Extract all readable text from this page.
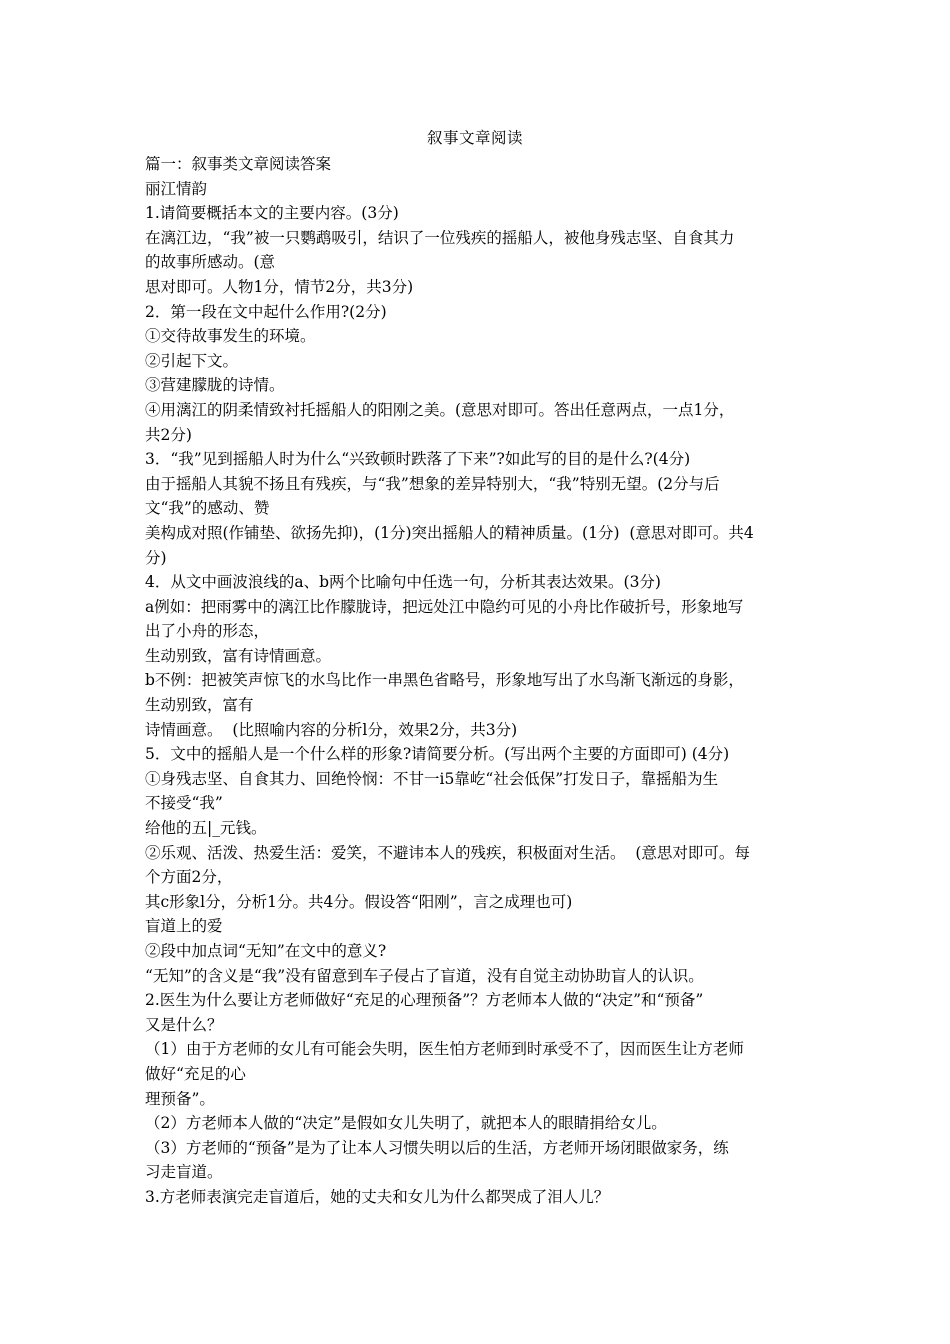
叙事文章阅读
篇一：叙事类文章阅读答案
丽江情韵
1.请简要概括本文的主要内容。(3分)
在漓江边，“我”被一只鹦鹉吸引，结识了一位残疾的摇船人，被他身残志坚、自食其力
的故事所感动。(意
思对即可。人物1分，情节2分，共3分)
2．第一段在文中起什么作用?(2分)
①交待故事发生的环境。
②引起下文。
③营建朦胧的诗情。
④用漓江的阴柔情致衬托摇船人的阳刚之美。(意思对即可。答出任意两点，一点1分，
共2分)
3．“我”见到摇船人时为什么“兴致顿时跌落了下来”?如此写的目的是什么?(4分)
由于摇船人其貌不扬且有残疾，与“我”想象的差异特别大，“我”特别无望。(2分与后
文“我”的感动、赞
美构成对照(作铺垫、欲扬先抑)，(1分)突出摇船人的精神质量。(1分)  (意思对即可。共4
分)
4．从文中画波浪线的a、b两个比喻句中任选一句，分析其表达效果。(3分)
a例如：把雨雾中的漓江比作朦胧诗，把远处江中隐约可见的小舟比作破折号，形象地写
出了小舟的形态，
生动别致，富有诗情画意。
b不例：把被笑声惊飞的水鸟比作一串黑色省略号，形象地写出了水鸟渐飞渐远的身影，
生动别致，富有
诗情画意。  (比照喻内容的分析l分，效果2分，共3分)
5．文中的摇船人是一个什么样的形象?请简要分析。(写出两个主要的方面即可) (4分)
①身残志坚、自食其力、回绝怜悯：不甘一i5靠屹“社会低保”打发日子，靠摇船为生
不接受“我”
给他的五|_元钱。
②乐观、活泼、热爱生活：爱笑，不避讳本人的残疾，积极面对生活。  (意思对即可。每
个方面2分，
其c形象l分，分析1分。共4分。假设答“阳刚”，言之成理也可)
盲道上的爱
②段中加点词“无知”在文中的意义?
“无知”的含义是“我”没有留意到车子侵占了盲道，没有自觉主动协助盲人的认识。
2.医生为什么要让方老师做好“充足的心理预备”？方老师本人做的“决定”和“预备”
又是什么？
（1）由于方老师的女儿有可能会失明，医生怕方老师到时承受不了，因而医生让方老师
做好“充足的心
理预备”。
（2）方老师本人做的“决定”是假如女儿失明了，就把本人的眼睛捐给女儿。
（3）方老师的“预备”是为了让本人习惯失明以后的生活，方老师开场闭眼做家务，练
习走盲道。
3.方老师表演完走盲道后，她的丈夫和女儿为什么都哭成了泪人儿？
